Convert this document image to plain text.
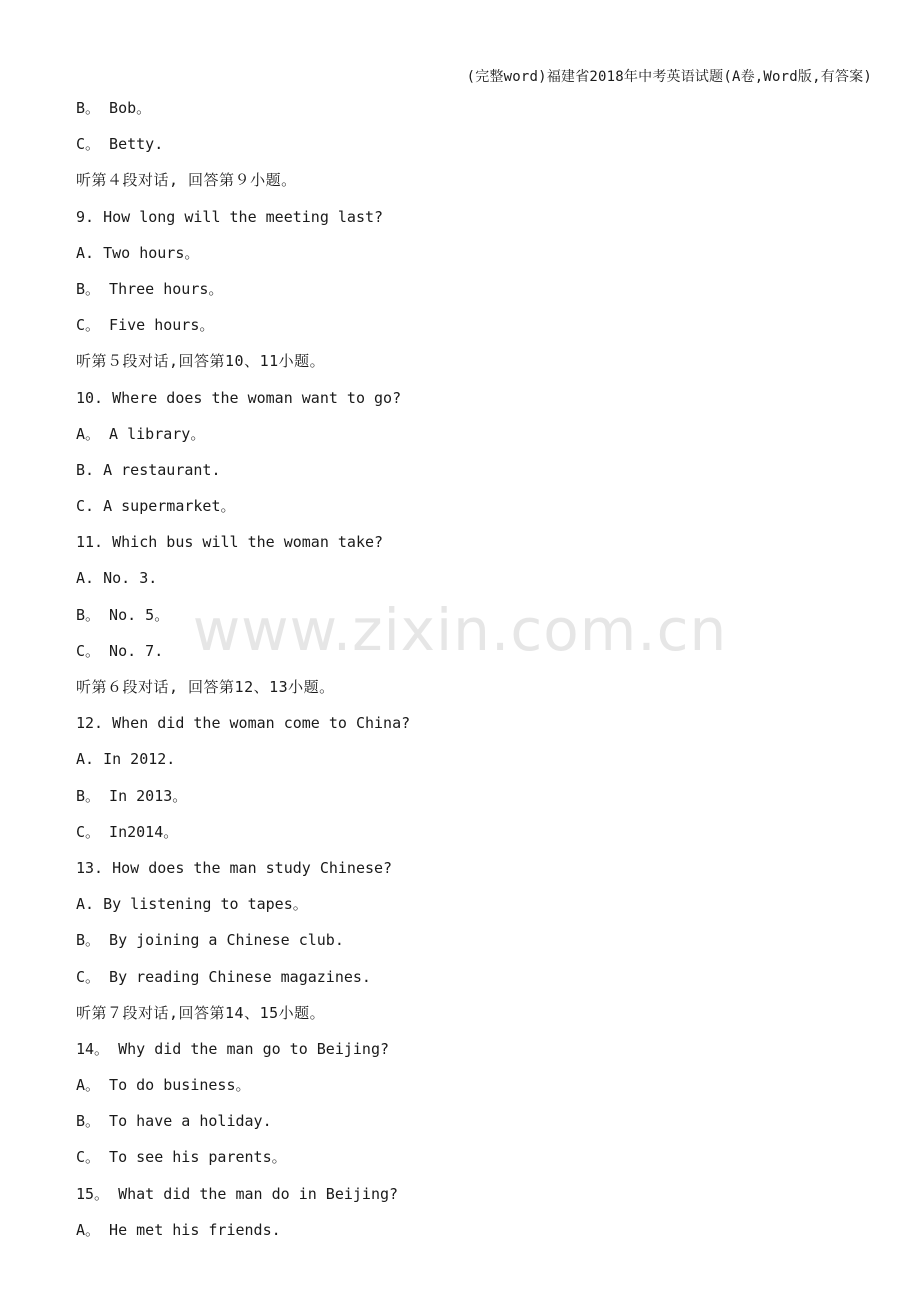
(完整word)福建省2018年中考英语试题(A卷,Word版,有答案)
www.zixin.com.cn
B。 Bob。
C。 Betty.
听第４段对话, 回答第９小题。
9. How long will the meeting last?
A. Two hours。
B。 Three hours。
C。 Five hours。
听第５段对话,回答第10、11小题。
10. Where does the woman want to go?
A。 A library。
B. A restaurant.
C. A supermarket。
11. Which bus will the woman take?
A. No. 3.
B。 No. 5。
C。 No. 7.
听第６段对话, 回答第12、13小题。
12. When did the woman come to China?
A. In 2012.
B。 In 2013。
C。 In2014。
13. How does the man study Chinese?
A. By listening to tapes。
B。 By joining a Chinese club.
C。 By reading Chinese magazines.
听第７段对话,回答第14、15小题。
14。 Why did the man go to Beijing?
A。 To do business。
B。 To have a holiday.
C。 To see his parents。
15。 What did the man do in Beijing?
A。 He met his friends.
